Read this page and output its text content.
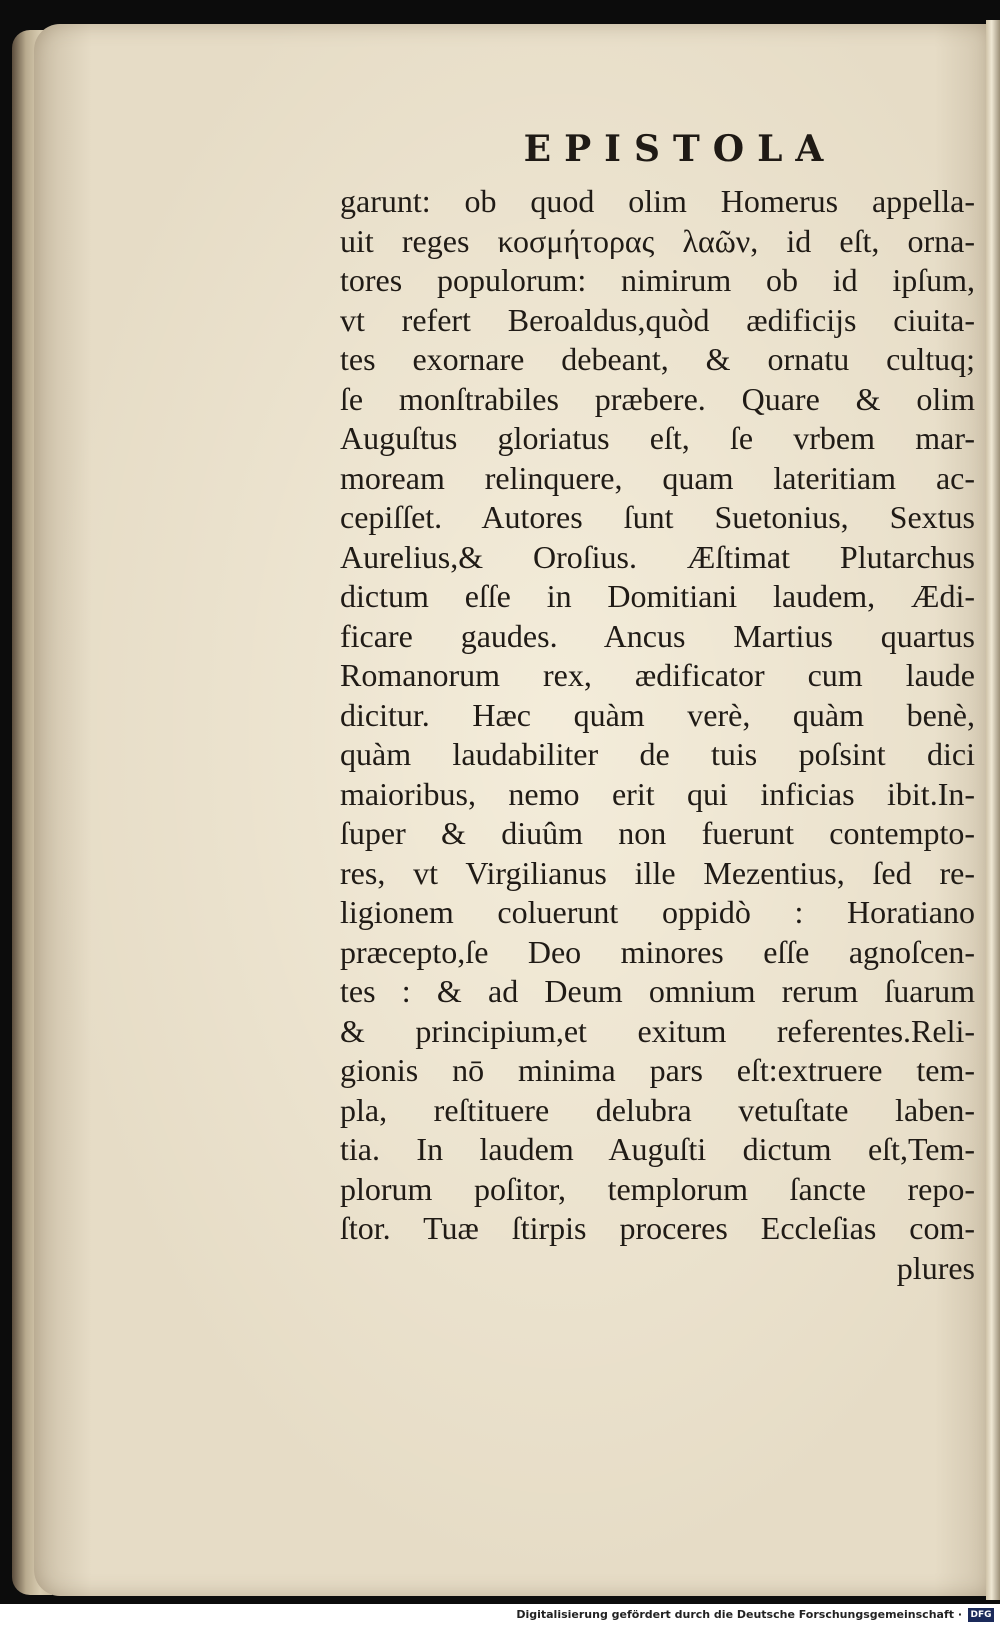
EPISTOLA
garunt: ob quod olim Homerus appella-
uit reges κοσμήτορας λαῶν, id eſt, orna-
tores populorum: nimirum ob id ipſum,
vt refert Beroaldus,quòd ædificijs ciuita-
tes exornare debeant, & ornatu cultuq;
ſe monſtrabiles præbere. Quare & olim
Auguſtus gloriatus eſt, ſe vrbem mar-
moream relinquere, quam lateritiam ac-
cepiſſet. Autores ſunt Suetonius, Sextus
Aurelius,& Oroſius. Æſtimat Plutarchus
dictum eſſe in Domitiani laudem, Ædi-
ficare gaudes. Ancus Martius quartus
Romanorum rex, ædificator cum laude
dicitur. Hæc quàm verè, quàm benè,
quàm laudabiliter de tuis poſsint dici
maioribus, nemo erit qui inficias ibit.In-
ſuper & diuûm non fuerunt contempto-
res, vt Virgilianus ille Mezentius, ſed re-
ligionem coluerunt oppidò : Horatiano
præcepto,ſe Deo minores eſſe agnoſcen-
tes : & ad Deum omnium rerum ſuarum
& principium,et exitum referentes.Reli-
gionis nō minima pars eſt:extruere tem-
pla, reſtituere delubra vetuſtate laben-
tia. In laudem Auguſti dictum eſt,Tem-
plorum poſitor, templorum ſancte repo-
ſtor. Tuæ ſtirpis proceres Eccleſias com-
plures

Digitalisierung gefördert durch die Deutsche Forschungsgemeinschaft · DFG
